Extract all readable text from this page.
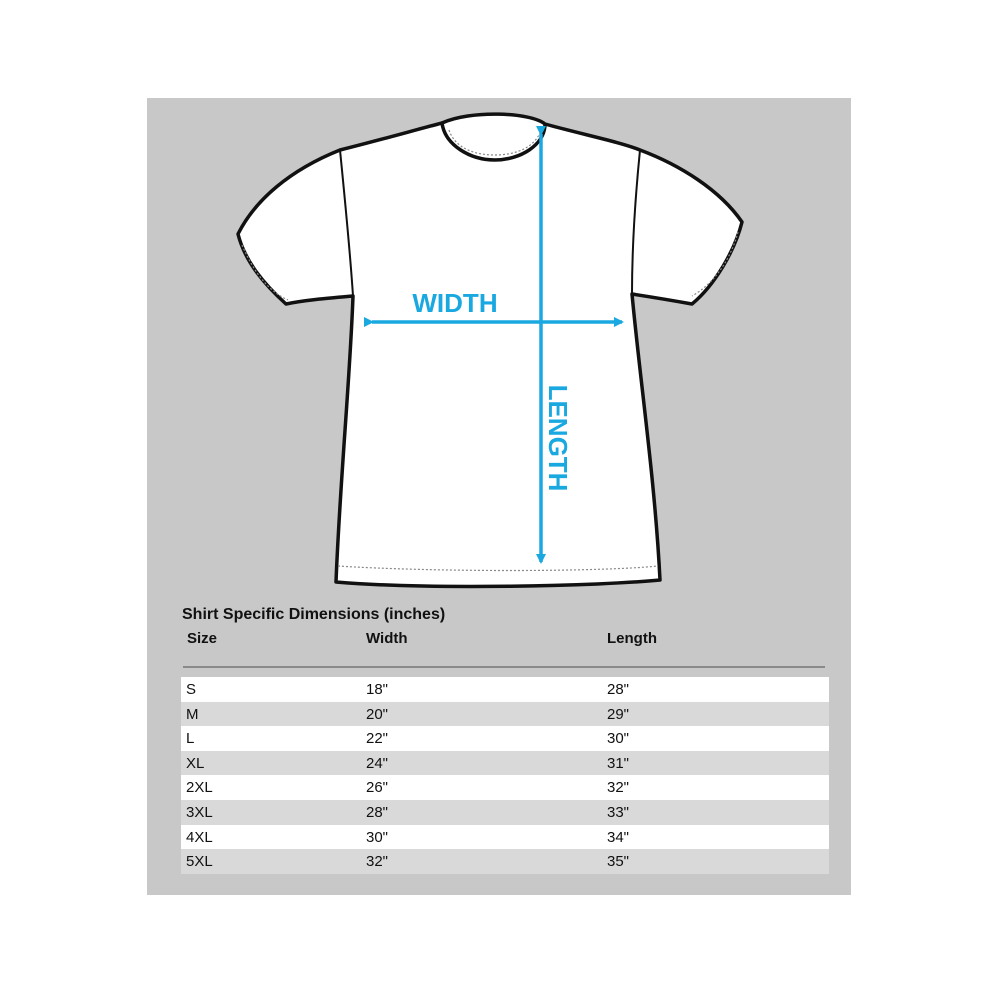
WIDTH
LENGTH
Shirt Specific Dimensions (inches)
Size	Width	Length
S	18"	28"
M	20"	29"
L	22"	30"
XL	24"	31"
2XL	26"	32"
3XL	28"	33"
4XL	30"	34"
5XL	32"	35"
